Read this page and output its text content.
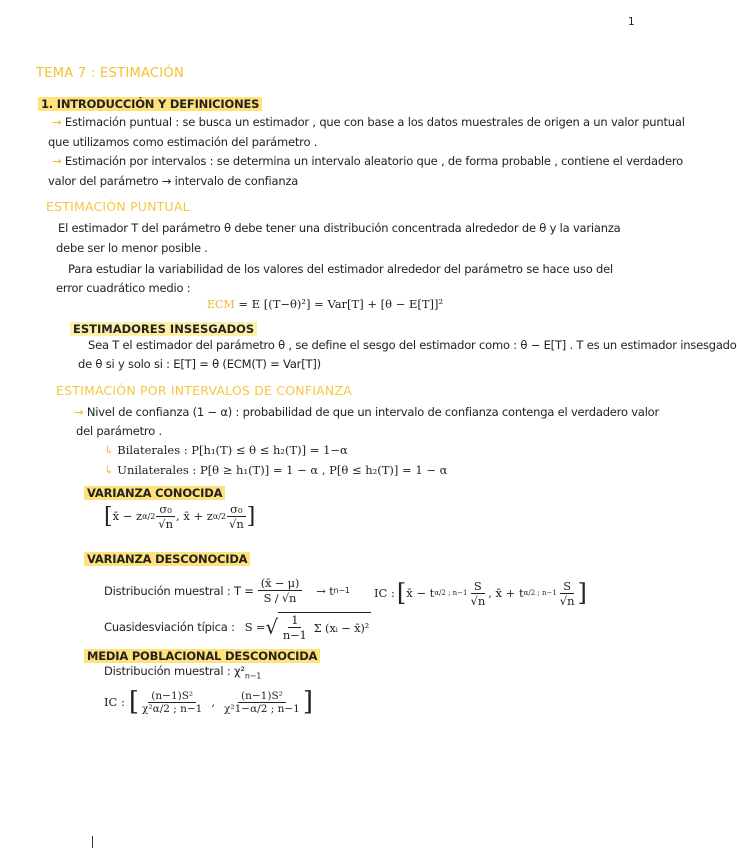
1
TEMA 7 : ESTIMACIÓN
1. INTRODUCCIÓN Y DEFINICIONES
→ Estimación puntual : se busca un estimador , que con base a los datos muestrales de origen a un valor puntual
que utilizamos como estimación del parámetro .
→ Estimación por intervalos : se determina un intervalo aleatorio que , de forma probable , contiene el verdadero
valor del parámetro → intervalo de confianza
ESTIMACIÓN PUNTUAL
El estimador T del parámetro θ debe tener una distribución concentrada alrededor de θ y la varianza
debe ser lo menor posible .
Para estudiar la variabilidad de los valores del estimador alrededor del parámetro se hace uso del
error cuadrático medio :
ECM = E [(T−θ)²] = Var[T] + [θ − E[T]]²
ESTIMADORES INSESGADOS
Sea T el estimador del parámetro θ , se define el sesgo del estimador como : θ − E[T] . T es un estimador insesgado
de θ si y solo si : E[T] = θ (ECM(T) = Var[T])
ESTIMACIÓN POR INTERVALOS DE CONFIANZA
→ Nivel de confianza (1 − α) : probabilidad de que un intervalo de confianza contenga el verdadero valor
del parámetro .
↳ Bilaterales : P[h₁(T) ≤ θ ≤ h₂(T)] = 1−α
↳ Unilaterales : P[θ ≥ h₁(T)] = 1 − α , P[θ ≤ h₂(T)] = 1 − α
VARIANZA CONOCIDA
[ x̄ − z $\alpha/2 \frac{\text{σ₀}}{√n}$ , x̄ + z $\alpha/2 \frac{\text{σ₀}}{√n}$ ]
VARIANZA DESCONOCIDA
Distribución muestral : $T = \frac{(x̄ - \mu)}{S / √n} \to t$ n−1 IC : [ x̄ − t α/2 ; $n-1 \frac{S}{√n}$ , x̄ + t α/2 ; $n-1 \frac{S}{√n}$ ]
Cuasidesviación típica : S = √ $\frac{1}{n-1}$ Σ (xᵢ − x̄)²
MEDIA POBLACIONAL DESCONOCIDA
Distribución muestral : $\chi^2_{n-1}$
IC : [ $\frac{\text{(n−1)S²}}{\text{χ²α/2 ; n−1}}$ , $\frac{\text{(n−1)S²}}{\text{χ²1−α/2 ; n−1}}$ ]
